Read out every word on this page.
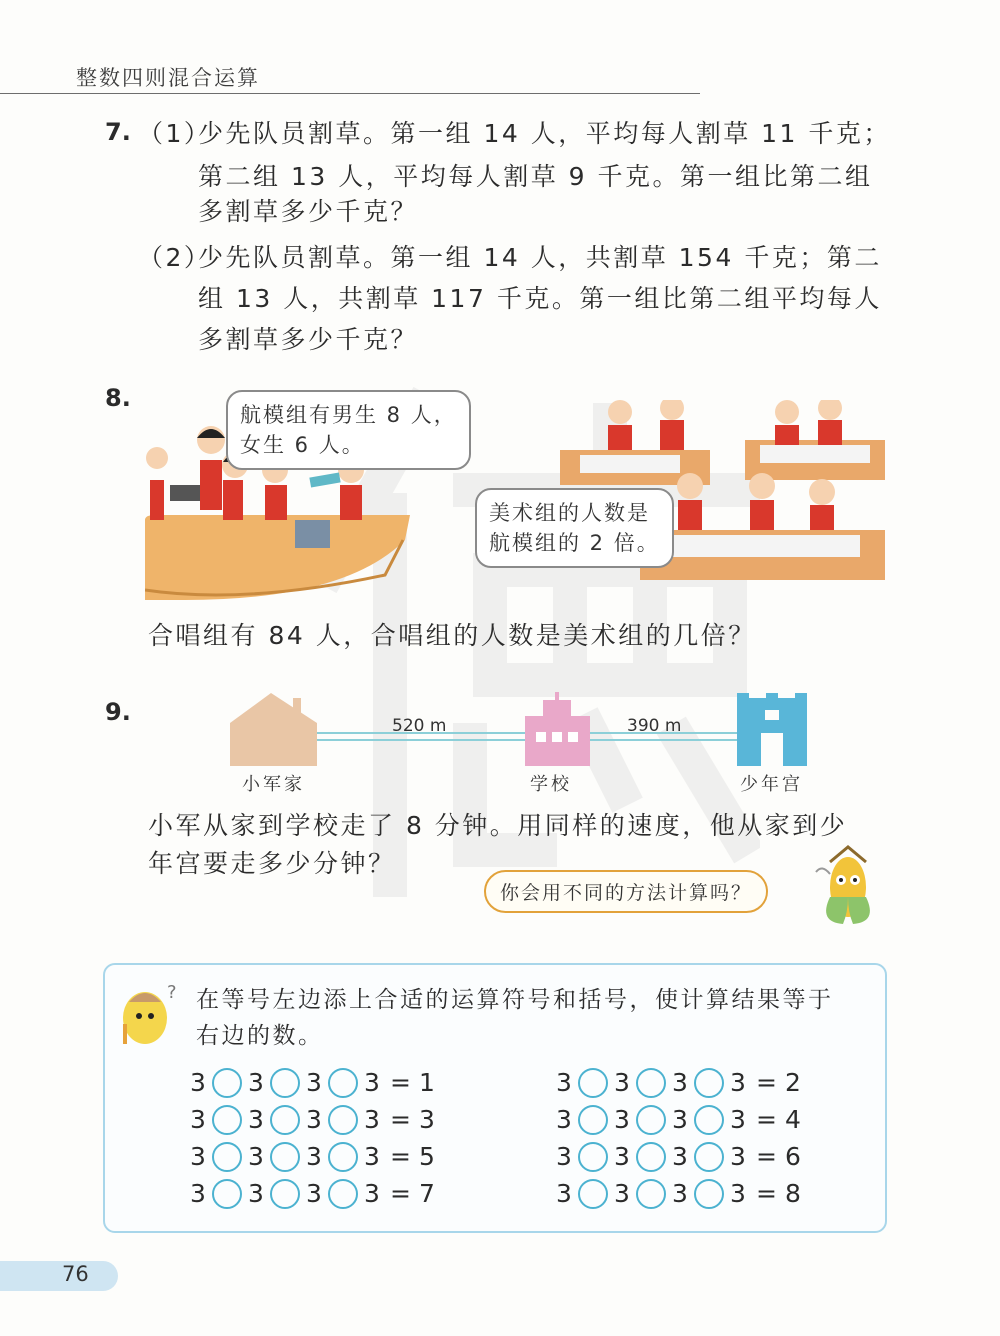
整数四则混合运算
7. （1）
少先队员割草。第一组 14 人，平均每人割草 11 千克；
第二组 13 人，平均每人割草 9 千克。第一组比第二组
多割草多少千克？
（2）
少先队员割草。第一组 14 人，共割草 154 千克；第二
组 13 人，共割草 117 千克。第一组比第二组平均每人
多割草多少千克？
8.
航模组有男生 8 人，
女生 6 人。
美术组的人数是
航模组的 2 倍。
合唱组有 84 人，合唱组的人数是美术组的几倍？
9.	520 m	390 m
小军家	学校	少年宫
小军从家到学校走了 8 分钟。用同样的速度，他从家到少
年宫要走多少分钟？
你会用不同的方法计算吗？
? 在等号左边添上合适的运算符号和括号，使计算结果等于
右边的数。
3 3 3 3 = 1
3 3 3 3 = 3
3 3 3 3 = 5
3 3 3 3 = 7
3 3 3 3 = 2
3 3 3 3 = 4
3 3 3 3 = 6
3 3 3 3 = 8
76
